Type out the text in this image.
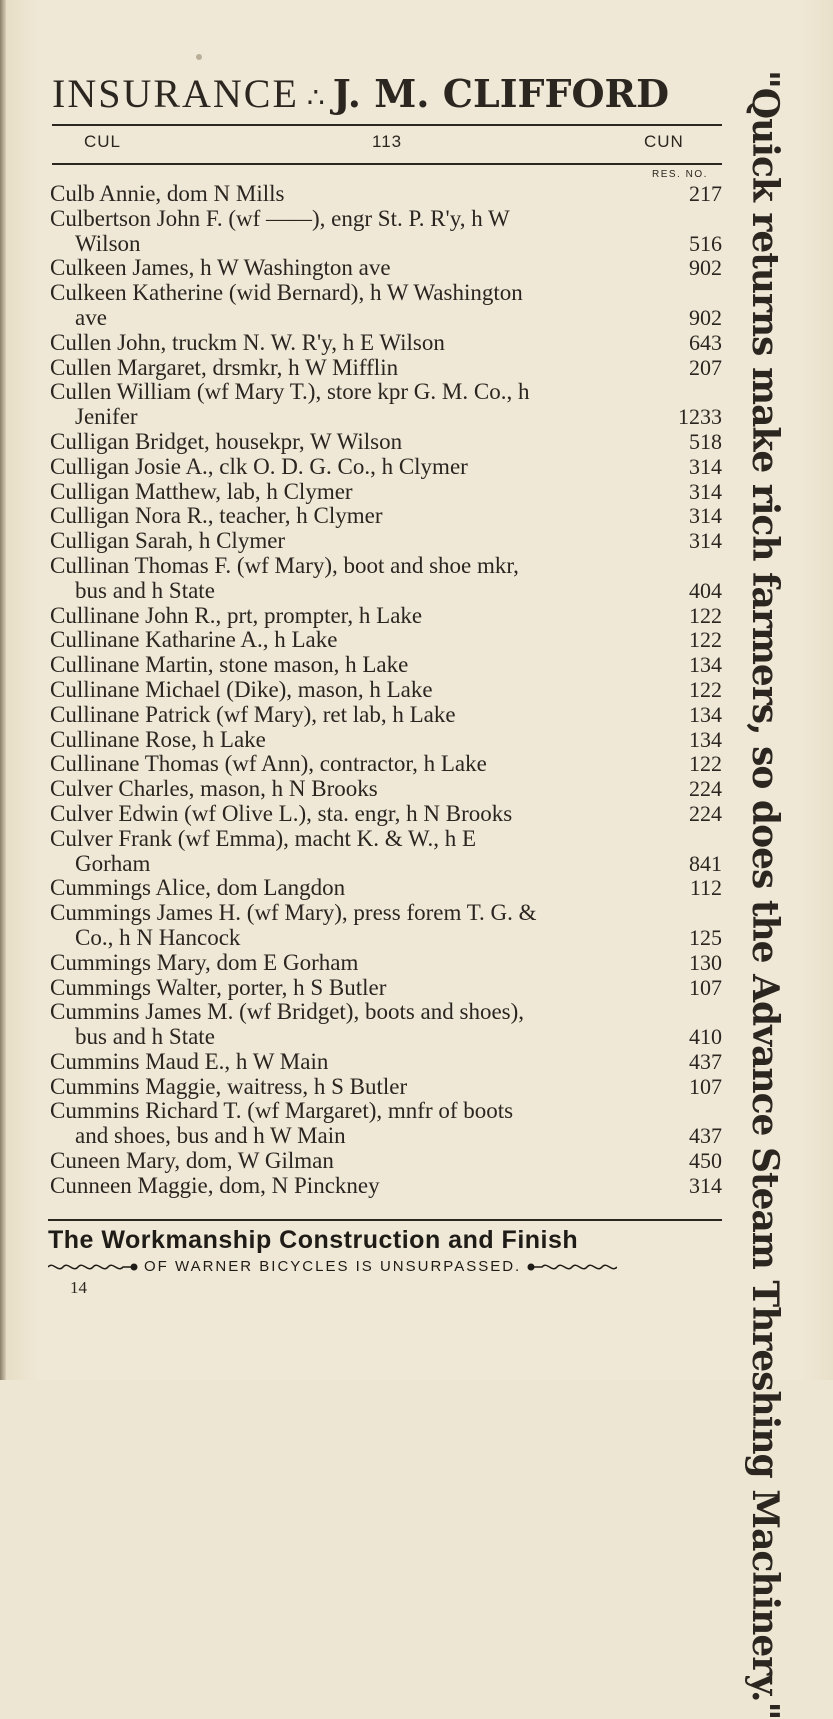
INSURANCE ∴ J. M. CLIFFORD
CUL	113	CUN
RES. NO.
Culb Annie, dom N Mills	217
Culbertson John F. (wf ——), engr St. P. R'y, h W
Wilson	516
Culkeen James, h W Washington ave	902
Culkeen Katherine (wid Bernard), h W Washington
ave	902
Cullen John, truckm N. W. R'y, h E Wilson	643
Cullen Margaret, drsmkr, h W Mifflin	207
Cullen William (wf Mary T.), store kpr G. M. Co., h
Jenifer	1233
Culligan Bridget, housekpr, W Wilson	518
Culligan Josie A., clk O. D. G. Co., h Clymer	314
Culligan Matthew, lab, h Clymer	314
Culligan Nora R., teacher, h Clymer	314
Culligan Sarah, h Clymer	314
Cullinan Thomas F. (wf Mary), boot and shoe mkr,
bus and h State	404
Cullinane John R., prt, prompter, h Lake	122
Cullinane Katharine A., h Lake	122
Cullinane Martin, stone mason, h Lake	134
Cullinane Michael (Dike), mason, h Lake	122
Cullinane Patrick (wf Mary), ret lab, h Lake	134
Cullinane Rose, h Lake	134
Cullinane Thomas (wf Ann), contractor, h Lake	122
Culver Charles, mason, h N Brooks	224
Culver Edwin (wf Olive L.), sta. engr, h N Brooks	224
Culver Frank (wf Emma), macht K. & W., h E
Gorham	841
Cummings Alice, dom Langdon	112
Cummings James H. (wf Mary), press forem T. G. &
Co., h N Hancock	125
Cummings Mary, dom E Gorham	130
Cummings Walter, porter, h S Butler	107
Cummins James M. (wf Bridget), boots and shoes),
bus and h State	410
Cummins Maud E., h W Main	437
Cummins Maggie, waitress, h S Butler	107
Cummins Richard T. (wf Margaret), mnfr of boots
and shoes, bus and h W Main	437
Cuneen Mary, dom, W Gilman	450
Cunneen Maggie, dom, N Pinckney	314
The Workmanship Construction and Finish
OF WARNER BICYCLES IS UNSURPASSED.
14	"Quick returns make rich farmers, so does the Advance Steam Threshing Machinery."
